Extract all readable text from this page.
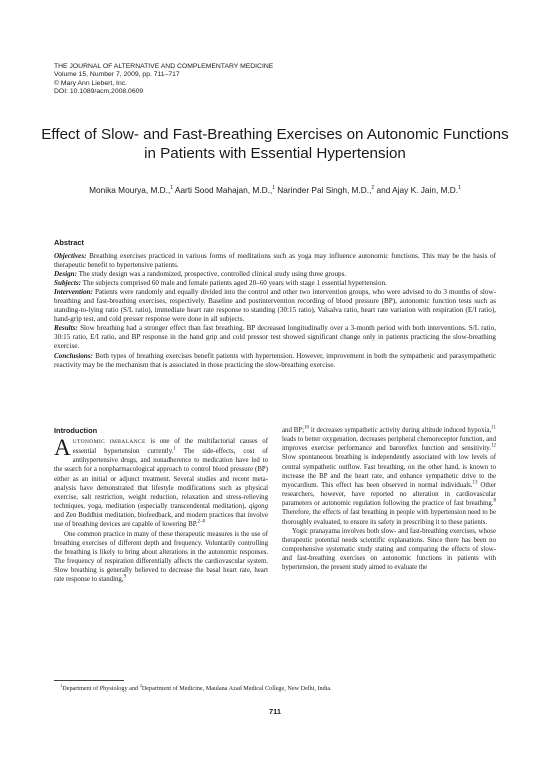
THE JOURNAL OF ALTERNATIVE AND COMPLEMENTARY MEDICINE
Volume 15, Number 7, 2009, pp. 711–717
© Mary Ann Liebert, Inc.
DOI: 10.1089/acm.2008.0609
Effect of Slow- and Fast-Breathing Exercises on Autonomic Functions in Patients with Essential Hypertension
Monika Mourya, M.D.,$^1$ Aarti Sood Mahajan, M.D.,$^1$ Narinder Pal Singh, M.D.,$^2$ and Ajay K. Jain, M.D.$^1$
Abstract

Objectives: Breathing exercises practiced in various forms of meditations such as yoga may influence autonomic functions. This may be the basis of therapeutic benefit to hypertensive patients.

Design: The study design was a randomized, prospective, controlled clinical study using three groups.

Subjects: The subjects comprised 60 male and female patients aged 20–60 years with stage 1 essential hypertension.

Intervention: Patients were randomly and equally divided into the control and other two intervention groups, who were advised to do 3 months of slow-breathing and fast-breathing exercises, respectively. Baseline and postintervention recording of blood pressure (BP), autonomic function tests such as standing-to-lying ratio (S/L ratio), immediate heart rate response to standing (30:15 ratio), Valsalva ratio, heart rate variation with respiration (E/I ratio), hand-grip test, and cold presser response were done in all subjects.

Results: Slow breathing had a stronger effect than fast breathing. BP decreased longitudinally over a 3-month period with both interventions. S/L ratio, 30:15 ratio, E/I ratio, and BP response in the hand grip and cold pressor test showed significant change only in patients practicing the slow-breathing exercise.

Conclusions: Both types of breathing exercises benefit patients with hypertension. However, improvement in both the sympathetic and parasympathetic reactivity may be the mechanism that is associated in those practicing the slow-breathing exercise.

Introduction

AUTONOMIC IMBALANCE is one of the multifactorial causes of essential hypertension currently.$^1$ The side-effects, cost of antihypertensive drugs, and nonadherence to medication have led to the search for a nonpharmacological approach to control blood pressure (BP) either as an initial or adjunct treatment. Several studies and recent meta-analysis have demonstrated that lifestyle modifications such as physical exercise, salt restriction, weight reduction, relaxation and stress-relieving techniques, yoga, meditation (especially transcendental meditation), qigong and Zen Buddhist meditation, biofeedback, and modern practices that involve use of breathing devices are capable of lowering BP.$^{2-8}$

One common practice in many of these therapeutic measures is the use of breathing exercises of different depth and frequency. Voluntarily controlling the breathing is likely to bring about alterations in the autonomic responses. The frequency of respiration differentially affects the cardiovascular system. Slow breathing is generally believed to decrease the basal heart rate, heart rate response to standing,$^9$

and BP;$^{10}$ it decreases sympathetic activity during altitude induced hypoxia,$^{11}$ leads to better oxygenation, decreases peripheral chemoreceptor function, and improves exercise performance and baroreflex function and sensitivity.$^{12}$ Slow spontaneous breathing is independently associated with low levels of central sympathetic outflow. Fast breathing, on the other hand, is known to increase the BP and the heart rate, and enhance sympathetic drive to the myocardium. This effect has been observed in normal individuals.$^{13}$ Other researchers, however, have reported no alteration in cardiovascular parameters or autonomic regulation following the practice of fast breathing.$^8$ Therefore, the effects of fast breathing in people with hypertension need to be thoroughly evaluated, to ensure its safety in prescribing it to these patients.

Yogic pranayama involves both slow- and fast-breathing exercises, whose therapeutic potential needs scientific explanations. Since there has been no comprehensive systematic study stating and comparing the effects of slow- and fast-breathing exercises on autonomic functions in patients with hypertension, the present study aimed to evaluate the

$^1$Department of Physiology and $^2$Department of Medicine, Maulana Azad Medical College, New Delhi, India.
711
